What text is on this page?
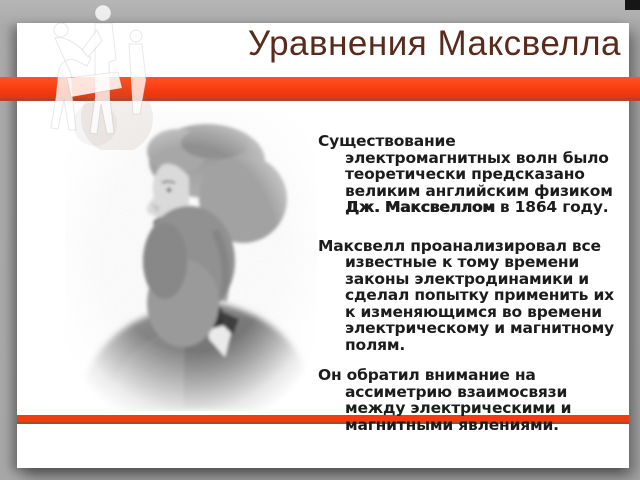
Существование электромагнитных волн было теоретически предсказано великим английским физиком Дж. Максвеллом в 1864 году.

Максвелл проанализировал все известные к тому времени законы электродинамики и сделал попытку применить их к изменяющимся во времени электрическому и магнитному полям.

Он обратил внимание на ассиметрию взаимосвязи между электрическими и магнитными явлениями.

Уравнения Максвелла
